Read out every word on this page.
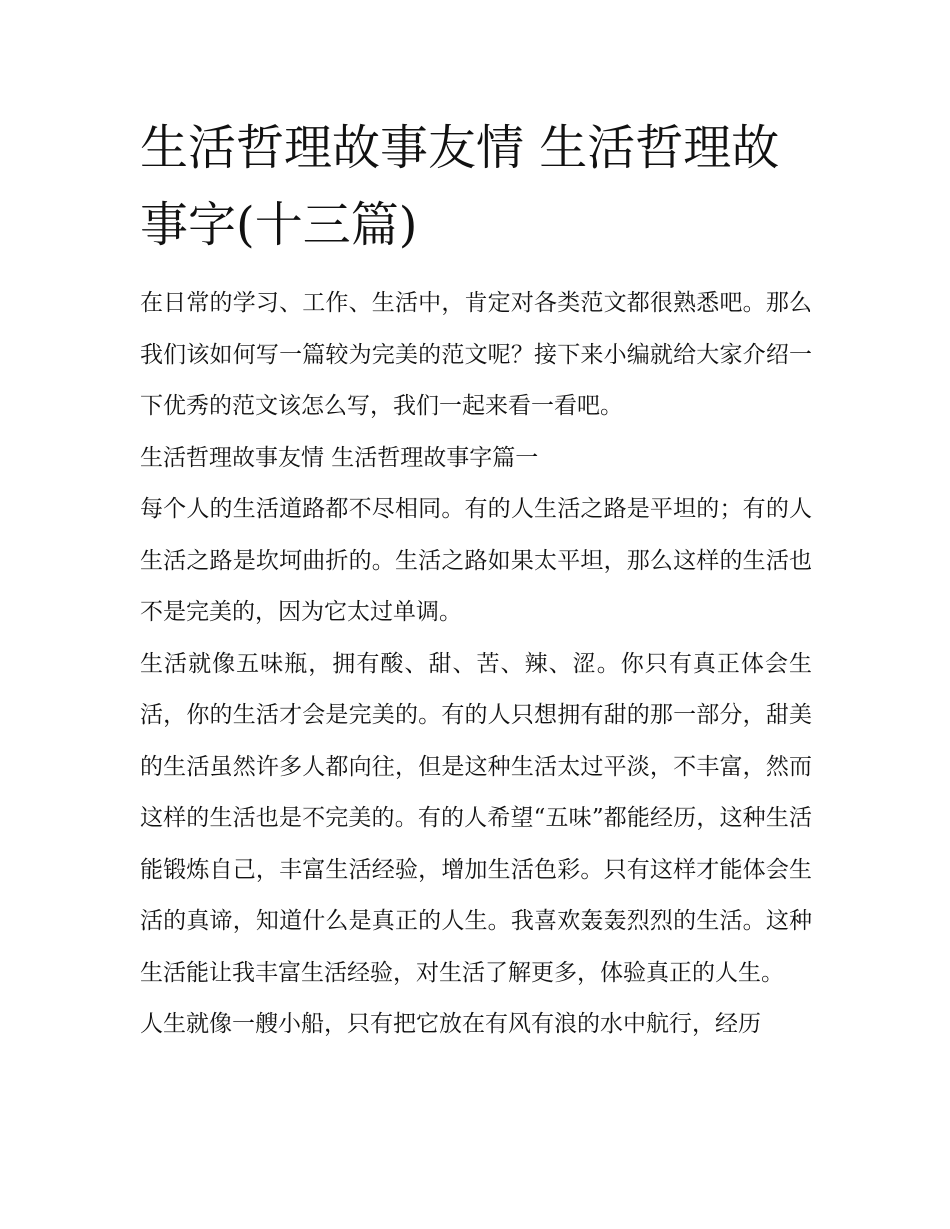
生活哲理故事友情 生活哲理故事字(十三篇)

在日常的学习、工作、生活中，肯定对各类范文都很熟悉吧。那么我们该如何写一篇较为完美的范文呢？接下来小编就给大家介绍一下优秀的范文该怎么写，我们一起来看一看吧。

生活哲理故事友情 生活哲理故事字篇一

每个人的生活道路都不尽相同。有的人生活之路是平坦的；有的人生活之路是坎坷曲折的。生活之路如果太平坦，那么这样的生活也不是完美的，因为它太过单调。

生活就像五味瓶，拥有酸、甜、苦、辣、涩。你只有真正体会生活，你的生活才会是完美的。有的人只想拥有甜的那一部分，甜美的生活虽然许多人都向往，但是这种生活太过平淡，不丰富，然而这样的生活也是不完美的。有的人希望“五味”都能经历，这种生活能锻炼自己，丰富生活经验，增加生活色彩。只有这样才能体会生活的真谛，知道什么是真正的人生。我喜欢轰轰烈烈的生活。这种生活能让我丰富生活经验，对生活了解更多，体验真正的人生。

人生就像一艘小船，只有把它放在有风有浪的水中航行，经历
